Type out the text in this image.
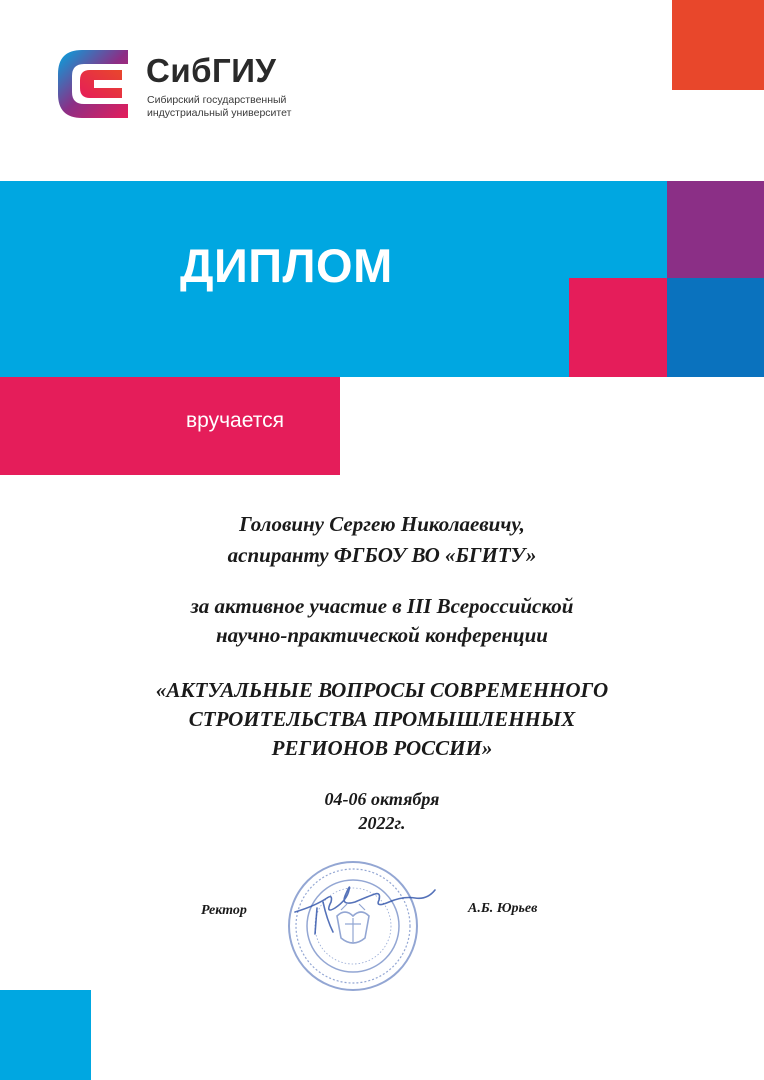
СибГИУ
Сибирский государственный
индустриальный университет
ДИПЛОМ
вручается
Головину Сергею Николаевичу,
аспиранту ФГБОУ ВО «БГИТУ»
за активное участие в III Всероссийской
научно-практической конференции
«АКТУАЛЬНЫЕ ВОПРОСЫ СОВРЕМЕННОГО
СТРОИТЕЛЬСТВА ПРОМЫШЛЕННЫХ
РЕГИОНОВ РОССИИ»
04-06 октября
2022г.
Ректор	А.Б. Юрьев
